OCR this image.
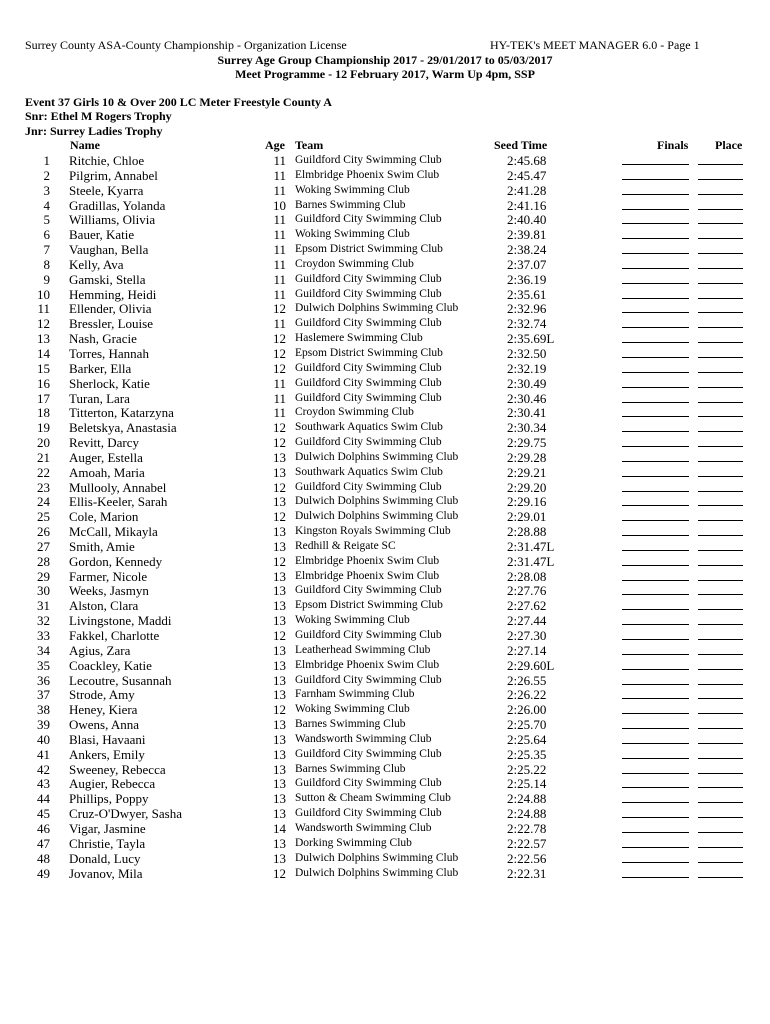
Surrey County ASA-County Championship - Organization License	HY-TEK's MEET MANAGER 6.0 - Page 1
Surrey Age Group Championship 2017 - 29/01/2017 to 05/03/2017
Meet Programme - 12 February 2017, Warm Up 4pm, SSP
Event 37 Girls 10 & Over 200 LC Meter Freestyle County A
Snr: Ethel M Rogers Trophy
Jnr: Surrey Ladies Trophy
Name	Age Team	Seed Time	Finals Place
1 Ritchie, Chloe	11 Guildford City Swimming Club	2:45.68
2 Pilgrim, Annabel	11 Elmbridge Phoenix Swim Club	2:45.47
3 Steele, Kyarra	11 Woking Swimming Club	2:41.28
4 Gradillas, Yolanda	10 Barnes Swimming Club	2:41.16
5 Williams, Olivia	11 Guildford City Swimming Club	2:40.40
6 Bauer, Katie	11 Woking Swimming Club	2:39.81
7 Vaughan, Bella	11 Epsom District Swimming Club	2:38.24
8 Kelly, Ava	11 Croydon Swimming Club	2:37.07
9 Gamski, Stella	11 Guildford City Swimming Club	2:36.19
10 Hemming, Heidi	11 Guildford City Swimming Club	2:35.61
11 Ellender, Olivia	12 Dulwich Dolphins Swimming Club	2:32.96
12 Bressler, Louise	11 Guildford City Swimming Club	2:32.74
13 Nash, Gracie	12 Haslemere Swimming Club	2:35.69L
14 Torres, Hannah	12 Epsom District Swimming Club	2:32.50
15 Barker, Ella	12 Guildford City Swimming Club	2:32.19
16 Sherlock, Katie	11 Guildford City Swimming Club	2:30.49
17 Turan, Lara	11 Guildford City Swimming Club	2:30.46
18 Titterton, Katarzyna	11 Croydon Swimming Club	2:30.41
19 Beletskya, Anastasia	12 Southwark Aquatics Swim Club	2:30.34
20 Revitt, Darcy	12 Guildford City Swimming Club	2:29.75
21 Auger, Estella	13 Dulwich Dolphins Swimming Club	2:29.28
22 Amoah, Maria	13 Southwark Aquatics Swim Club	2:29.21
23 Mullooly, Annabel	12 Guildford City Swimming Club	2:29.20
24 Ellis-Keeler, Sarah	13 Dulwich Dolphins Swimming Club	2:29.16
25 Cole, Marion	12 Dulwich Dolphins Swimming Club	2:29.01
26 McCall, Mikayla	13 Kingston Royals Swimming Club	2:28.88
27 Smith, Amie	13 Redhill & Reigate SC	2:31.47L
28 Gordon, Kennedy	12 Elmbridge Phoenix Swim Club	2:31.47L
29 Farmer, Nicole	13 Elmbridge Phoenix Swim Club	2:28.08
30 Weeks, Jasmyn	13 Guildford City Swimming Club	2:27.76
31 Alston, Clara	13 Epsom District Swimming Club	2:27.62
32 Livingstone, Maddi	13 Woking Swimming Club	2:27.44
33 Fakkel, Charlotte	12 Guildford City Swimming Club	2:27.30
34 Agius, Zara	13 Leatherhead Swimming Club	2:27.14
35 Coackley, Katie	13 Elmbridge Phoenix Swim Club	2:29.60L
36 Lecoutre, Susannah	13 Guildford City Swimming Club	2:26.55
37 Strode, Amy	13 Farnham Swimming Club	2:26.22
38 Heney, Kiera	12 Woking Swimming Club	2:26.00
39 Owens, Anna	13 Barnes Swimming Club	2:25.70
40 Blasi, Havaani	13 Wandsworth Swimming Club	2:25.64
41 Ankers, Emily	13 Guildford City Swimming Club	2:25.35
42 Sweeney, Rebecca	13 Barnes Swimming Club	2:25.22
43 Augier, Rebecca	13 Guildford City Swimming Club	2:25.14
44 Phillips, Poppy	13 Sutton & Cheam Swimming Club	2:24.88
45 Cruz-O'Dwyer, Sasha	13 Guildford City Swimming Club	2:24.88
46 Vigar, Jasmine	14 Wandsworth Swimming Club	2:22.78
47 Christie, Tayla	13 Dorking Swimming Club	2:22.57
48 Donald, Lucy	13 Dulwich Dolphins Swimming Club	2:22.56
49 Jovanov, Mila	12 Dulwich Dolphins Swimming Club	2:22.31
